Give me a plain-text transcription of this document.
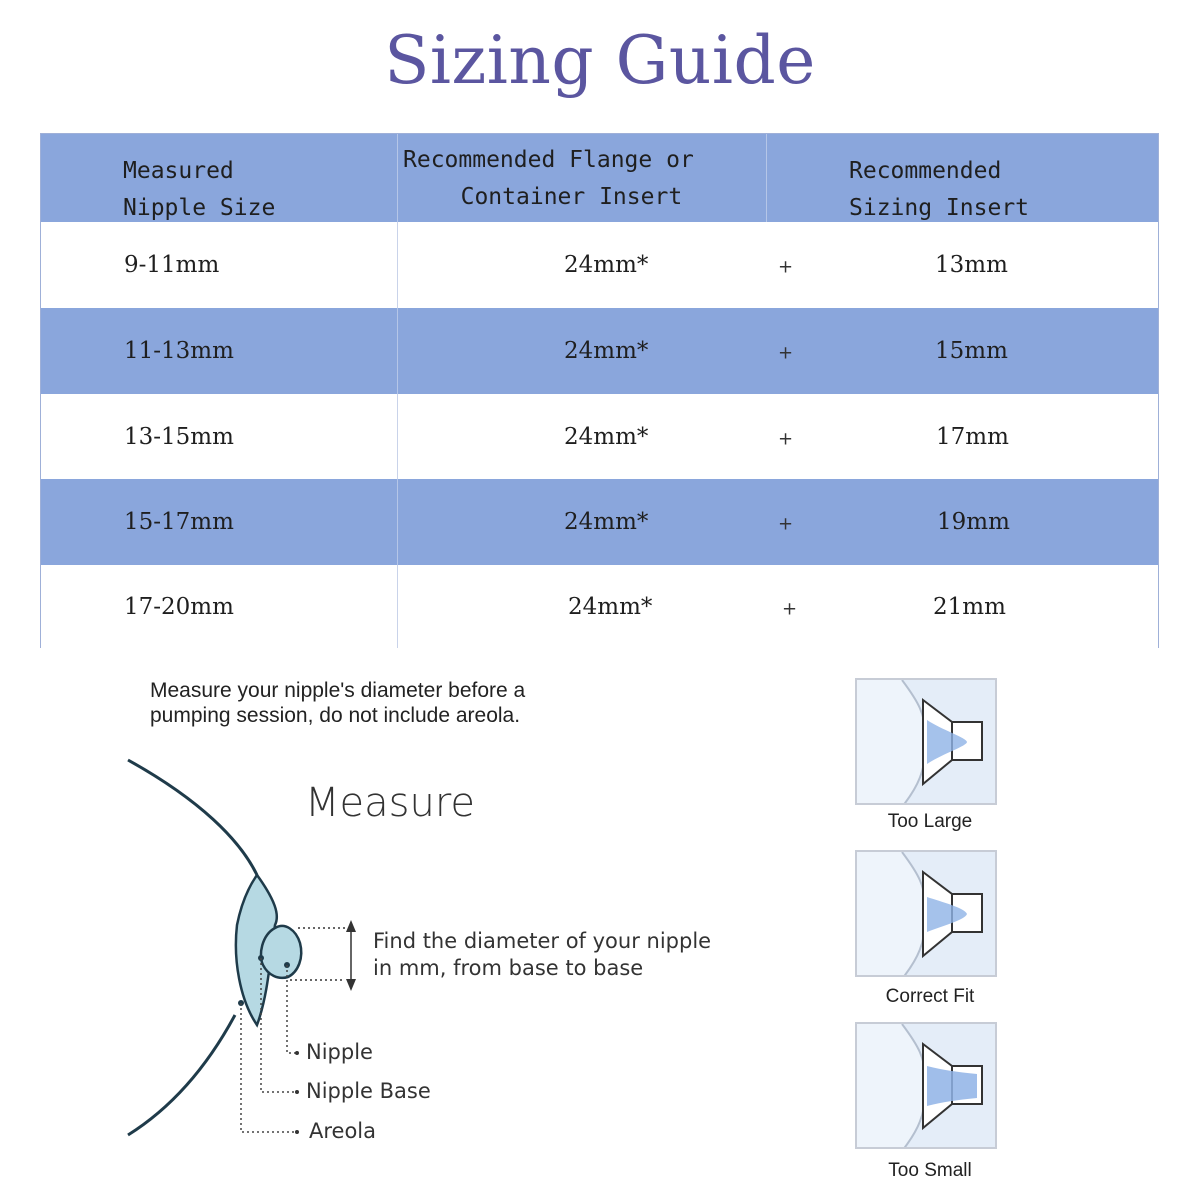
Sizing Guide
Measured
Nipple Size
Recommended Flange or
Container Insert
Recommended
Sizing Insert
9-11mm	24mm*	+	13mm
11-13mm	24mm*	+	15mm
13-15mm	24mm*	+	17mm
15-17mm	24mm*	+	19mm
17-20mm	24mm*	+	21mm
Measure your nipple's diameter before a pumping session, do not include areola.
Measure
Find the diameter of your nipple
in mm, from base to base
Nipple
Nipple Base
Areola
Too Large
Correct Fit
Too Small
